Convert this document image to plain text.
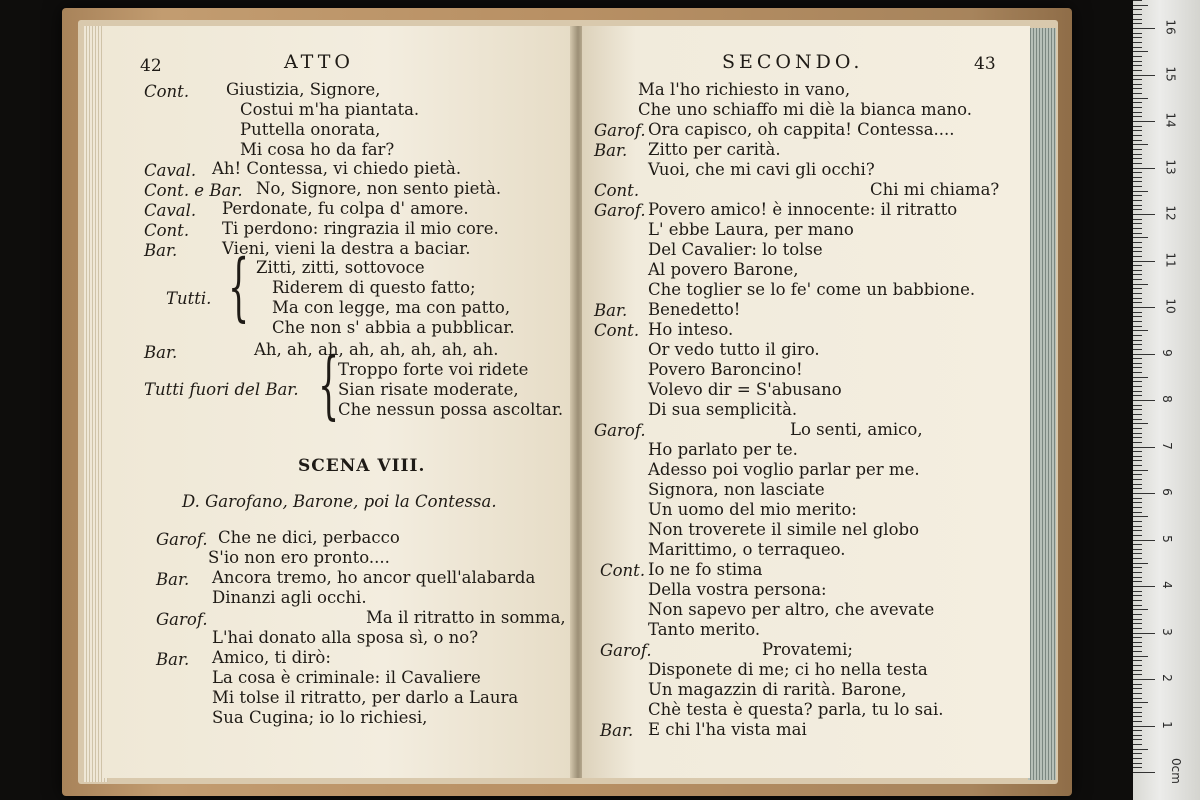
42	ATTO
Cont. Giustizia, Signore,
Costui m'ha piantata.
Puttella onorata,
Mi cosa ho da far?
Caval. Ah! Contessa, vi chiedo pietà.
Cont. e Bar. No, Signore, non sento pietà.
Caval. Perdonate, fu colpa d' amore.
Cont. Ti perdono: ringrazia il mio core.
Bar.	Vieni, vieni la destra a baciar.
{
Tutti.
Zitti, zitti, sottovoce
Riderem di questo fatto;
Ma con legge, ma con patto,
Che non s' abbia a pubblicar.
Bar.	Ah, ah, ah, ah, ah, ah, ah, ah.
{
Tutti fuori del Bar.
Troppo forte voi ridete
Sian risate moderate,
Che nessun possa ascoltar.
SCENA VIII.
D. Garofano, Barone, poi la Contessa.
Garof. Che ne dici, perbacco
S'io non ero pronto....
Bar. Ancora tremo, ho ancor quell'alabarda
Dinanzi agli occhi.
Garof.	Ma il ritratto in somma,
L'hai donato alla sposa sì, o no?
Bar. Amico, ti dirò:
La cosa è criminale: il Cavaliere
Mi tolse il ritratto, per darlo a Laura
Sua Cugina; io lo richiesi,
SECONDO.	43
Ma l'ho richiesto in vano,
Che uno schiaffo mi diè la bianca mano.
Garof. Ora capisco, oh cappita! Contessa....
Bar. Zitto per carità.
Vuoi, che mi cavi gli occhi?
Cont.	Chi mi chiama?
Garof. Povero amico! è innocente: il ritratto
L' ebbe Laura, per mano
Del Cavalier: lo tolse
Al povero Barone,
Che toglier se lo fe' come un babbione.
Bar. Benedetto!
Cont. Ho inteso.
Or vedo tutto il giro.
Povero Baroncino!
Volevo dir = S'abusano
Di sua semplicità.
Garof.	Lo senti, amico,
Ho parlato per te.
Adesso poi voglio parlar per me.
Signora, non lasciate
Un uomo del mio merito:
Non troverete il simile nel globo
Marittimo, o terraqueo.
Cont. Io ne fo stima
Della vostra persona:
Non sapevo per altro, che avevate
Tanto merito.
Garof.	Provatemi;
Disponete di me; ci ho nella testa
Un magazzin di rarità. Barone,
Chè testa è questa? parla, tu lo sai.
Bar. E chi l'ha vista mai
0cm
1
2
3
4
5
6
7
8
9
10
11
12
13
14
15
16
